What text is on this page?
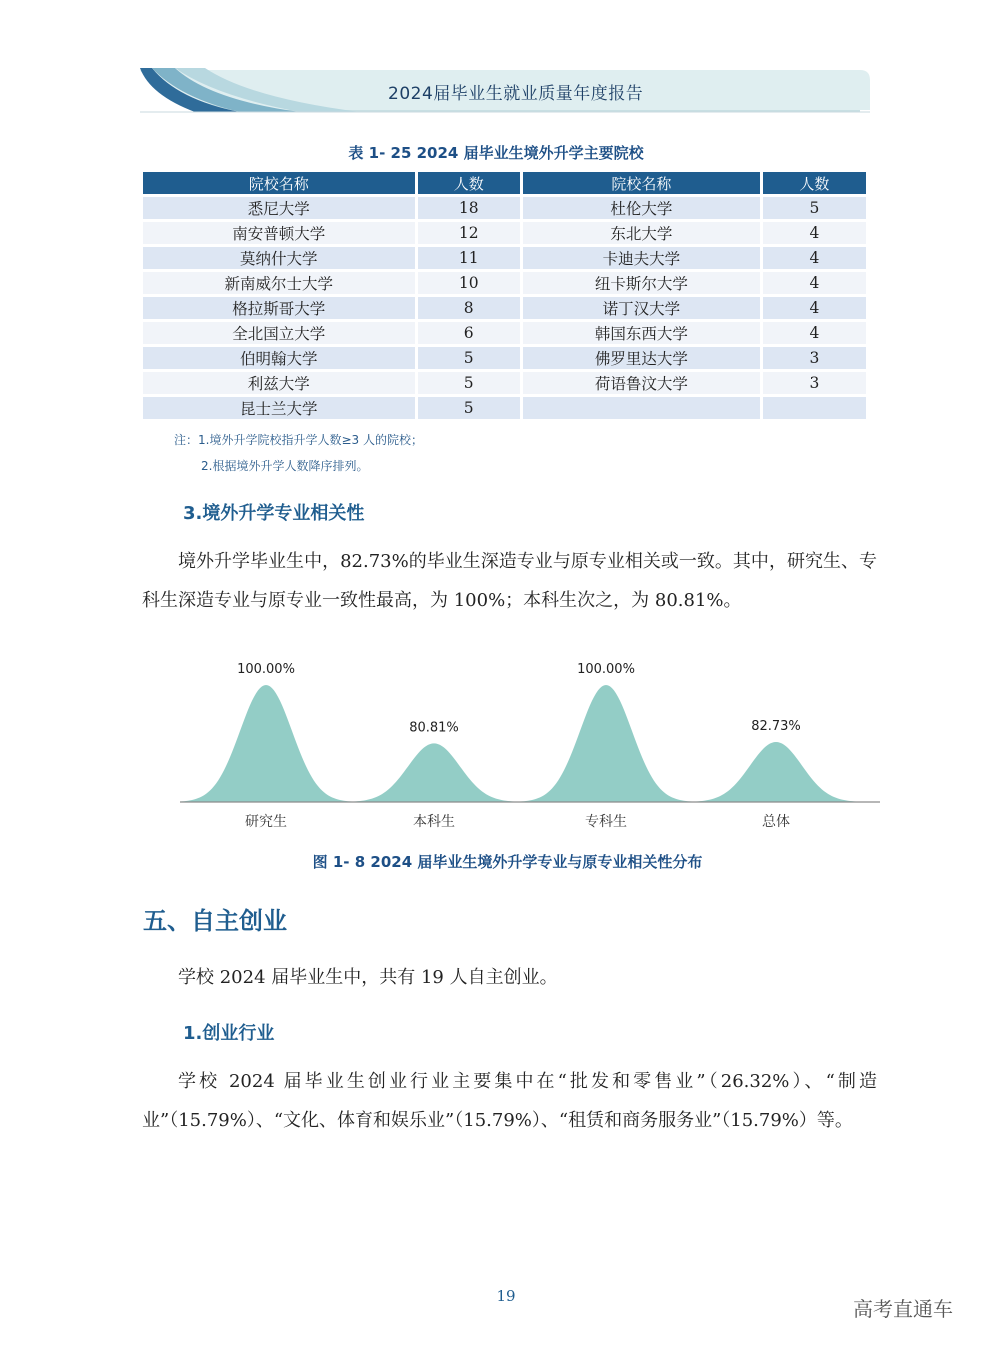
2024届毕业生就业质量年度报告
表 1- 25 2024 届毕业生境外升学主要院校
院校名称	人数	院校名称	人数
悉尼大学	18	杜伦大学	5
南安普顿大学	12	东北大学	4
莫纳什大学	11	卡迪夫大学	4
新南威尔士大学	10	纽卡斯尔大学	4
格拉斯哥大学	8	诺丁汉大学	4
全北国立大学	6	韩国东西大学	4
伯明翰大学	5	佛罗里达大学	3
利兹大学	5	荷语鲁汶大学	3
昆士兰大学	5		
注：1.境外升学院校指升学人数≥3 人的院校；
2.根据境外升学人数降序排列。
3.境外升学专业相关性
境外升学毕业生中，82.73%的毕业生深造专业与原专业相关或一致。其中，研究生、专科生深造专业与原专业一致性最高，为 100%；本科生次之，为 80.81%。
100.00%
研究生
80.81%
本科生
100.00%
专科生
82.73%
总体
图 1- 8 2024 届毕业生境外升学专业与原专业相关性分布
五、自主创业
学校 2024 届毕业生中，共有 19 人自主创业。
1.创业行业
学校 2024 届毕业生创业行业主要集中在“批发和零售业”（26.32%）、“制造业”（15.79%）、“文化、体育和娱乐业”（15.79%）、“租赁和商务服务业”（15.79%）等。
19
高考直通车
